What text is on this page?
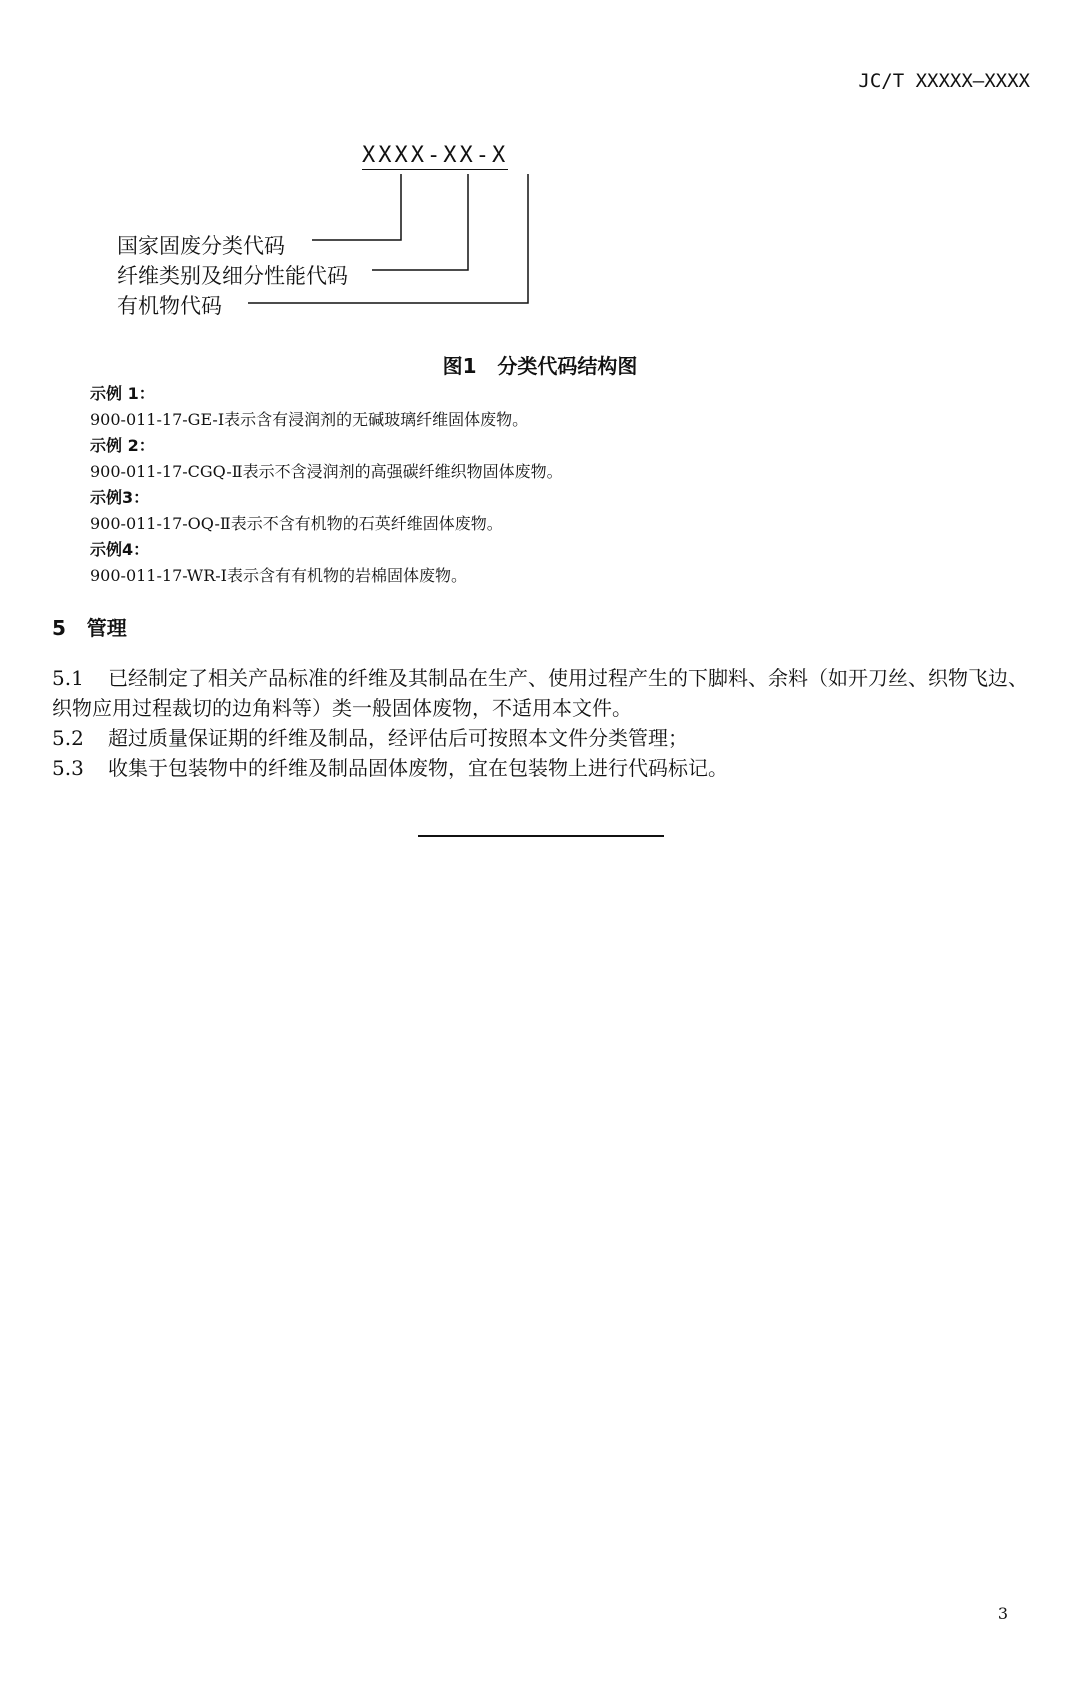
JC/T XXXXX—XXXX
XXXX-XX-X
国家固废分类代码
纤维类别及细分性能代码
有机物代码
图1   分类代码结构图
示例 1：
900-011-17-GE-Ⅰ表示含有浸润剂的无碱玻璃纤维固体废物。
示例 2：
900-011-17-CGQ-Ⅱ表示不含浸润剂的高强碳纤维织物固体废物。
示例3：
900-011-17-OQ-Ⅱ表示不含有机物的石英纤维固体废物。
示例4：
900-011-17-WR-Ⅰ表示含有有机物的岩棉固体废物。
5   管理
5.1 已经制定了相关产品标准的纤维及其制品在生产、使用过程产生的下脚料、余料（如开刀丝、织物飞边、织物应用过程裁切的边角料等）类一般固体废物，不适用本文件。
5.2 超过质量保证期的纤维及制品，经评估后可按照本文件分类管理；
5.3 收集于包装物中的纤维及制品固体废物，宜在包装物上进行代码标记。
3
